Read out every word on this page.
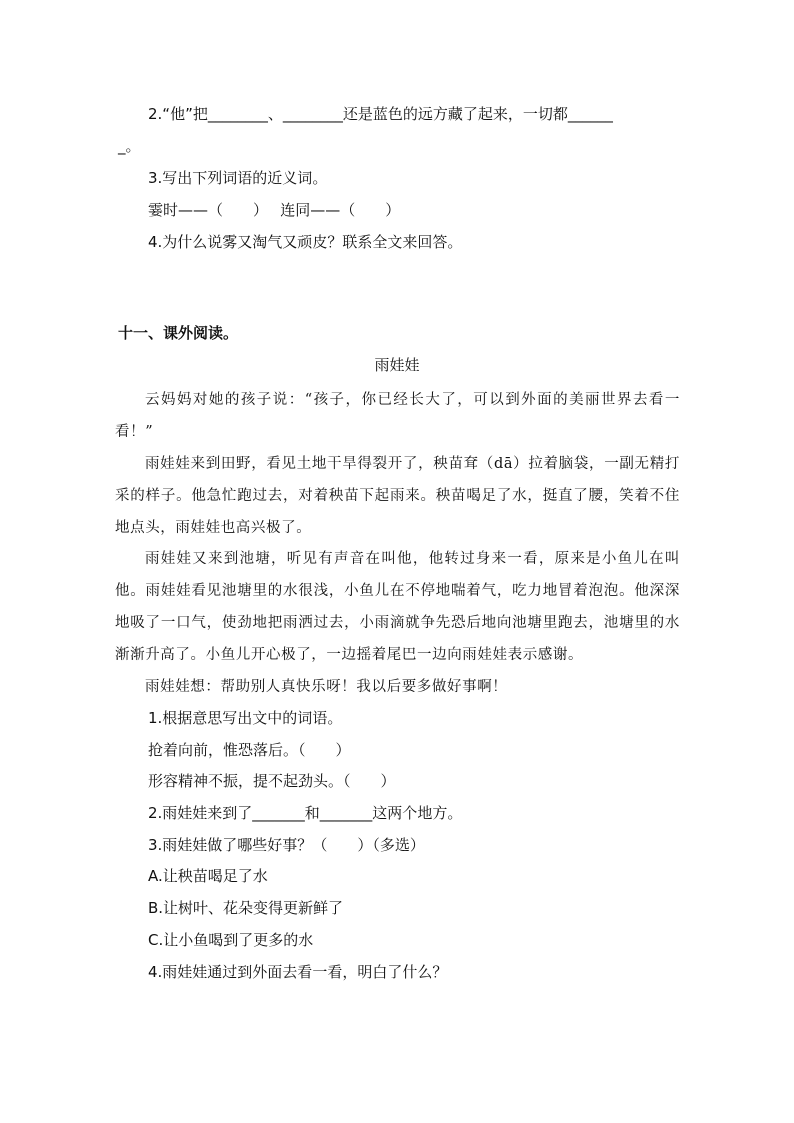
2.“他”把________、________还是蓝色的远方藏了起来，一切都______
_。
3.写出下列词语的近义词。
霎时——（　　）　 连同——（　　）
4.为什么说雾又淘气又顽皮？联系全文来回答。
十一、课外阅读。
雨娃娃
云妈妈对她的孩子说：“孩子，你已经长大了，可以到外面的美丽世界去看一看！”
雨娃娃来到田野，看见土地干旱得裂开了，秧苗耷（dā）拉着脑袋，一副无精打采的样子。他急忙跑过去，对着秧苗下起雨来。秧苗喝足了水，挺直了腰，笑着不住地点头，雨娃娃也高兴极了。
雨娃娃又来到池塘，听见有声音在叫他，他转过身来一看，原来是小鱼儿在叫他。雨娃娃看见池塘里的水很浅，小鱼儿在不停地喘着气，吃力地冒着泡泡。他深深地吸了一口气，使劲地把雨洒过去，小雨滴就争先恐后地向池塘里跑去，池塘里的水渐渐升高了。小鱼儿开心极了，一边摇着尾巴一边向雨娃娃表示感谢。
雨娃娃想：帮助别人真快乐呀！我以后要多做好事啊！
1.根据意思写出文中的词语。
抢着向前，惟恐落后。（　　）
形容精神不振，提不起劲头。（　　）
2.雨娃娃来到了_______和_______这两个地方。
3.雨娃娃做了哪些好事？（　　）（多选）
A.让秧苗喝足了水
B.让树叶、花朵变得更新鲜了
C.让小鱼喝到了更多的水
4.雨娃娃通过到外面去看一看，明白了什么？
